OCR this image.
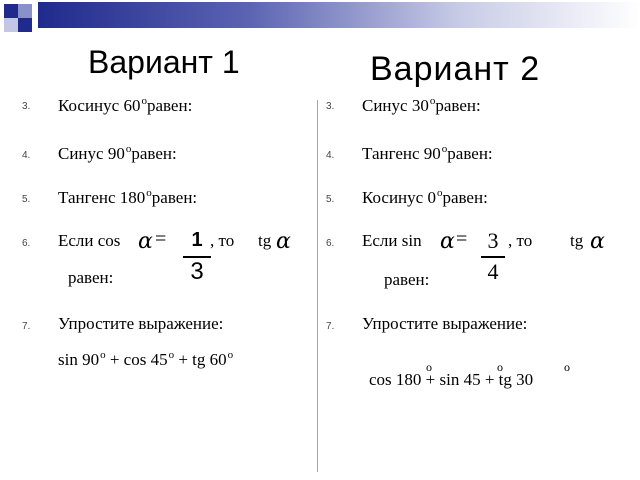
Вариант 1
3. Косинус 60$^o$равен:
4. Синус 90$^o$равен:
5. Тангенс 180$^o$равен:
6. Если cos α =	1
3
, то tg α
равен:
7. Упростите выражение:
$\sin 90^o + \cos 45^o$ + tg 60$^o$
Вариант 2
3. Синус 30$^o$равен:
4. Тангенс 90$^o$равен:
5. Косинус 0$^o$равен:
6. Если sin α = 3
4
, то tg α
равен:
7. Упростите выражение:
o	o	o
cos 180 + sin 45 + tg 30
